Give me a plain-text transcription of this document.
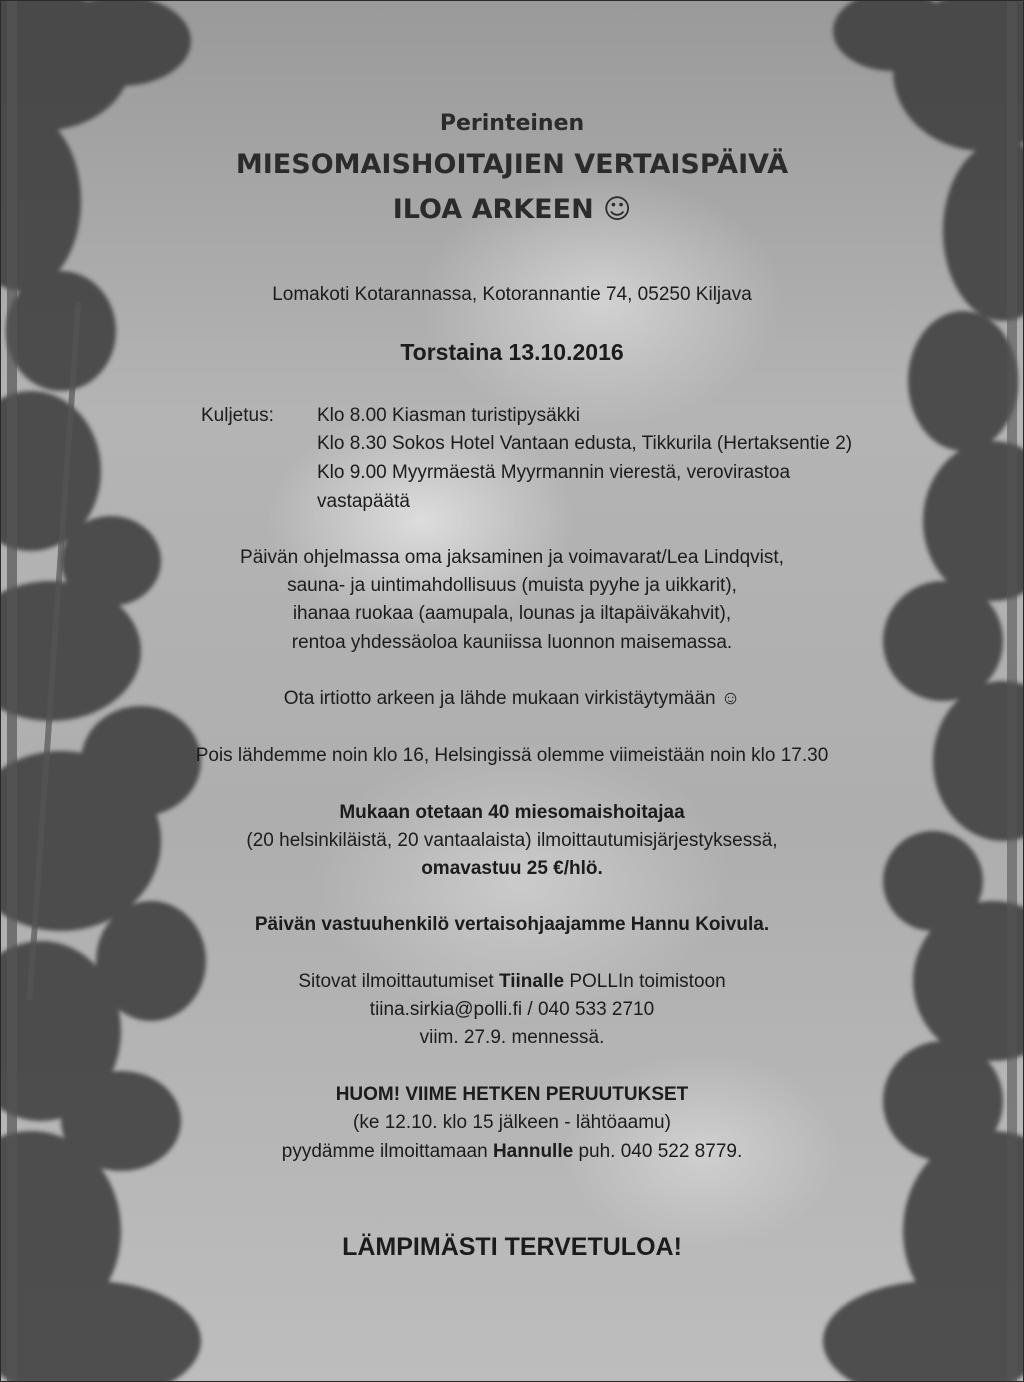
Perinteinen
MIESOMAISHOITAJIEN VERTAISPÄIVÄ
ILOA ARKEEN ☺
Lomakoti Kotarannassa, Kotorannantie 74, 05250 Kiljava
Torstaina 13.10.2016
Kuljetus: Klo 8.00 Kiasman turistipysäkki
Klo 8.30 Sokos Hotel Vantaan edusta, Tikkurila (Hertaksentie 2)
Klo 9.00 Myyrmäestä Myyrmannin vierestä, verovirastoa
vastapäätä
Päivän ohjelmassa oma jaksaminen ja voimavarat/Lea Lindqvist,
sauna- ja uintimahdollisuus (muista pyyhe ja uikkarit),
ihanaa ruokaa (aamupala, lounas ja iltapäiväkahvit),
rentoa yhdessäoloa kauniissa luonnon maisemassa.
Ota irtiotto arkeen ja lähde mukaan virkistäytymään ☺
Pois lähdemme noin klo 16, Helsingissä olemme viimeistään noin klo 17.30
Mukaan otetaan 40 miesomaishoitajaa
(20 helsinkiläistä, 20 vantaalaista) ilmoittautumisjärjestyksessä,
omavastuu 25 €/hlö.
Päivän vastuuhenkilö vertaisohjaajamme Hannu Koivula.
Sitovat ilmoittautumiset Tiinalle POLLIn toimistoon
tiina.sirkia@polli.fi / 040 533 2710
viim. 27.9. mennessä.
HUOM! VIIME HETKEN PERUUTUKSET
(ke 12.10. klo 15 jälkeen - lähtöaamu)
pyydämme ilmoittamaan Hannulle puh. 040 522 8779.
LÄMPIMÄSTI TERVETULOA!
